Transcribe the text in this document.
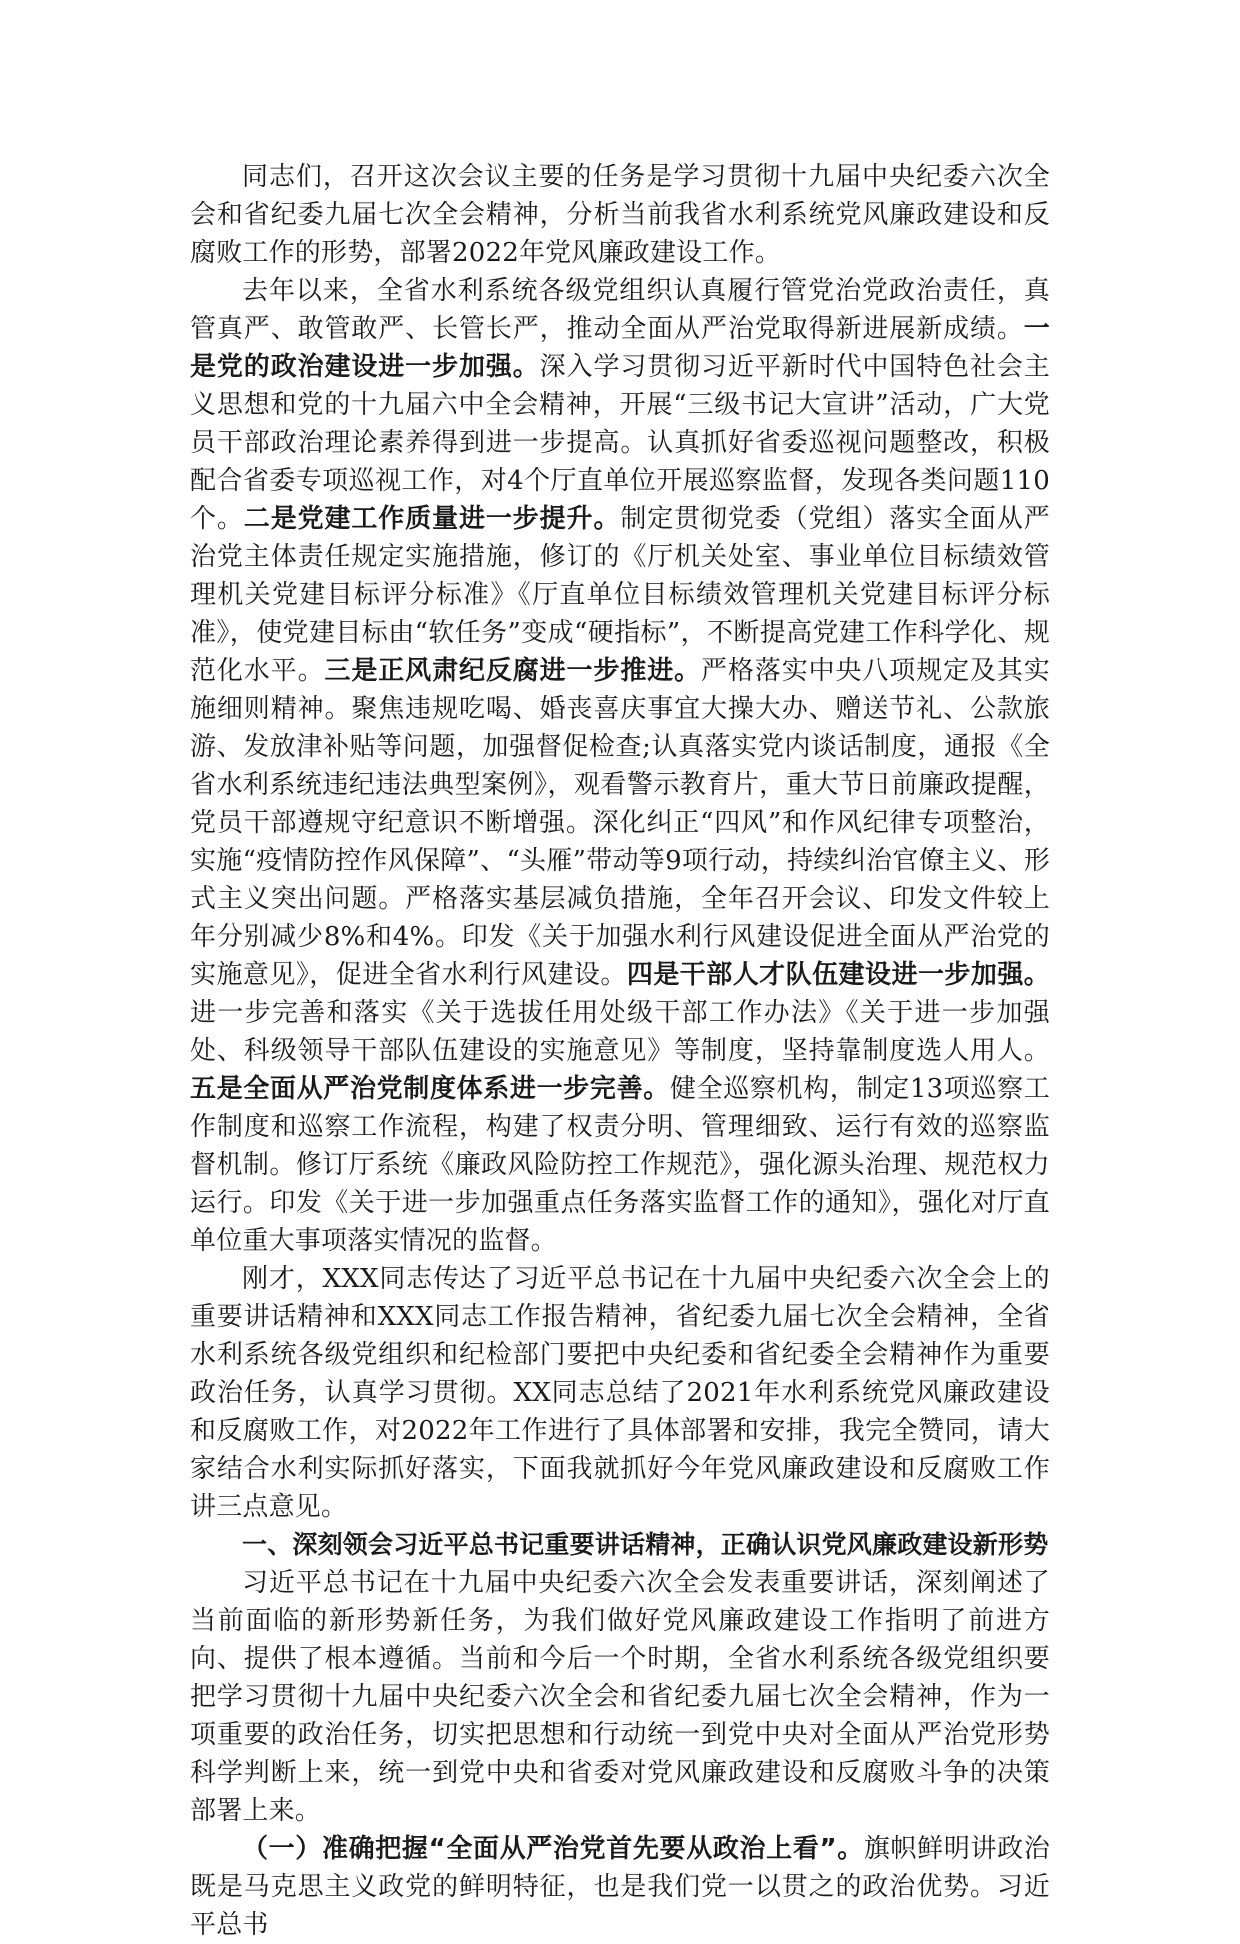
同志们，召开这次会议主要的任务是学习贯彻十九届中央纪委六次全会和省纪委九届七次全会精神，分析当前我省水利系统党风廉政建设和反腐败工作的形势，部署2022年党风廉政建设工作。

去年以来，全省水利系统各级党组织认真履行管党治党政治责任，真管真严、敢管敢严、长管长严，推动全面从严治党取得新进展新成绩。一是党的政治建设进一步加强。深入学习贯彻习近平新时代中国特色社会主义思想和党的十九届六中全会精神，开展“三级书记大宣讲”活动，广大党员干部政治理论素养得到进一步提高。认真抓好省委巡视问题整改，积极配合省委专项巡视工作，对4个厅直单位开展巡察监督，发现各类问题110个。二是党建工作质量进一步提升。制定贯彻党委（党组）落实全面从严治党主体责任规定实施措施，修订的《厅机关处室、事业单位目标绩效管理机关党建目标评分标准》《厅直单位目标绩效管理机关党建目标评分标准》，使党建目标由“软任务”变成“硬指标”，不断提高党建工作科学化、规范化水平。三是正风肃纪反腐进一步推进。严格落实中央八项规定及其实施细则精神。聚焦违规吃喝、婚丧喜庆事宜大操大办、赠送节礼、公款旅游、发放津补贴等问题，加强督促检查;认真落实党内谈话制度，通报《全省水利系统违纪违法典型案例》，观看警示教育片，重大节日前廉政提醒，党员干部遵规守纪意识不断增强。深化纠正“四风”和作风纪律专项整治，实施“疫情防控作风保障”、“头雁”带动等9项行动，持续纠治官僚主义、形式主义突出问题。严格落实基层减负措施，全年召开会议、印发文件较上年分别减少8%和4%。印发《关于加强水利行风建设促进全面从严治党的实施意见》，促进全省水利行风建设。四是干部人才队伍建设进一步加强。进一步完善和落实《关于选拔任用处级干部工作办法》《关于进一步加强处、科级领导干部队伍建设的实施意见》等制度，坚持靠制度选人用人。五是全面从严治党制度体系进一步完善。健全巡察机构，制定13项巡察工作制度和巡察工作流程，构建了权责分明、管理细致、运行有效的巡察监督机制。修订厅系统《廉政风险防控工作规范》，强化源头治理、规范权力运行。印发《关于进一步加强重点任务落实监督工作的通知》，强化对厅直单位重大事项落实情况的监督。

刚才，XXX同志传达了习近平总书记在十九届中央纪委六次全会上的重要讲话精神和XXX同志工作报告精神，省纪委九届七次全会精神，全省水利系统各级党组织和纪检部门要把中央纪委和省纪委全会精神作为重要政治任务，认真学习贯彻。XX同志总结了2021年水利系统党风廉政建设和反腐败工作，对2022年工作进行了具体部署和安排，我完全赞同，请大家结合水利实际抓好落实，下面我就抓好今年党风廉政建设和反腐败工作讲三点意见。

一、深刻领会习近平总书记重要讲话精神，正确认识党风廉政建设新形势

习近平总书记在十九届中央纪委六次全会发表重要讲话，深刻阐述了当前面临的新形势新任务，为我们做好党风廉政建设工作指明了前进方向、提供了根本遵循。当前和今后一个时期，全省水利系统各级党组织要把学习贯彻十九届中央纪委六次全会和省纪委九届七次全会精神，作为一项重要的政治任务，切实把思想和行动统一到党中央对全面从严治党形势科学判断上来，统一到党中央和省委对党风廉政建设和反腐败斗争的决策部署上来。

（一）准确把握“全面从严治党首先要从政治上看”。旗帜鲜明讲政治既是马克思主义政党的鲜明特征，也是我们党一以贯之的政治优势。习近平总书
